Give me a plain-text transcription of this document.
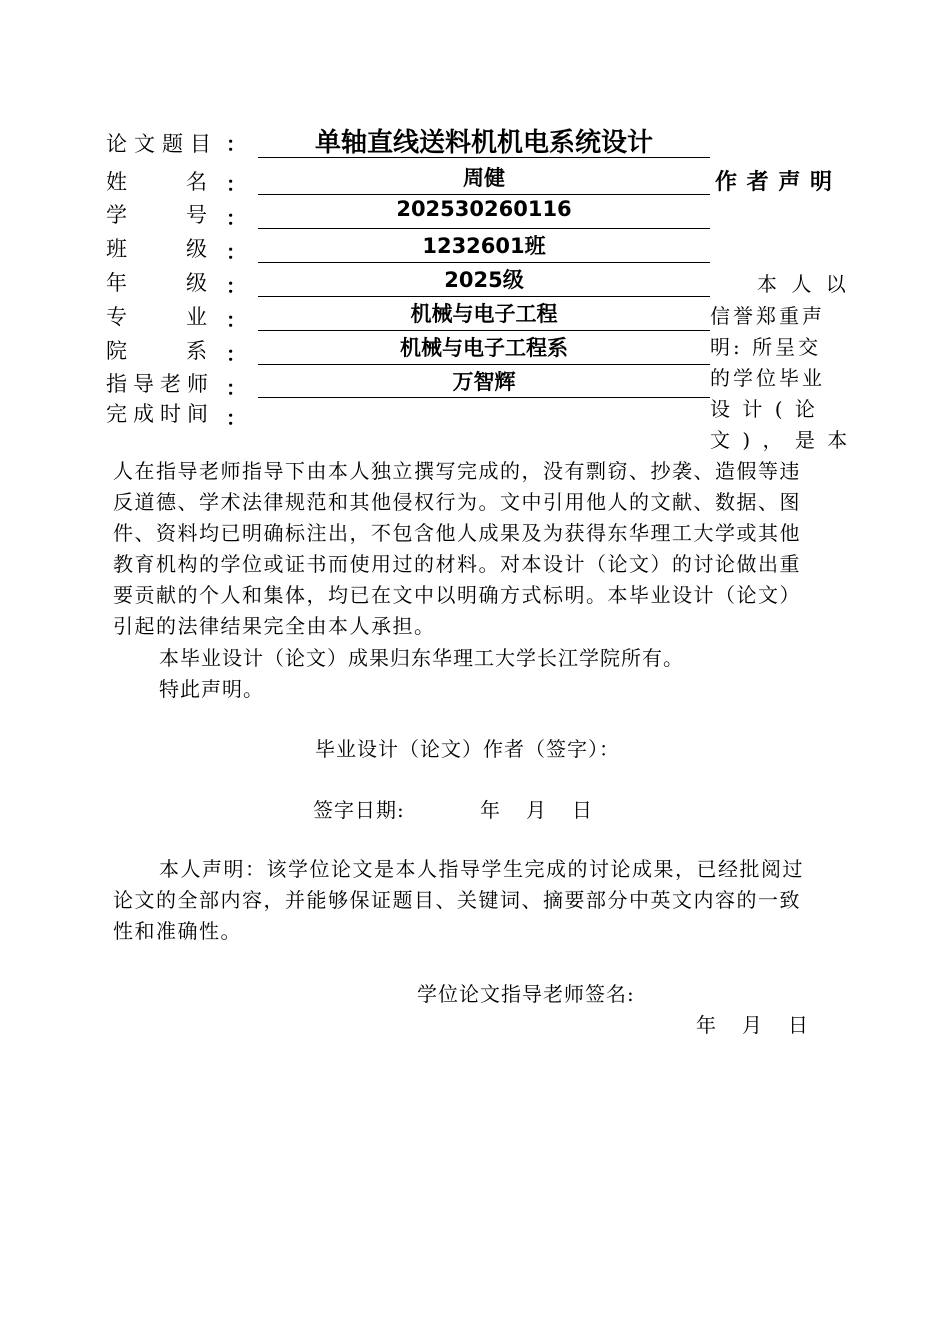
论 文 题 目 ：	单轴直线送料机机电系统设计
姓	名 ：	周健
学	号 ：	202530260116
班	级 ：	1232601班
年	级 ：	2025级
专	业 ：	机械与电子工程
院	系 ：	机械与电子工程系
指 导 老 师 ：	万智辉
完 成 时 间 ：
作 者 声 明
本 人 以
信誉郑重声
明: 所呈交
的学位毕业
设 计 ( 论
文 ) ， 是 本
人在指导老师指导下由本人独立撰写完成的，没有剽窃、抄袭、造假等违
反道德、学术法律规范和其他侵权行为。文中引用他人的文献、数据、图
件、资料均已明确标注出，不包含他人成果及为获得东华理工大学或其他
教育机构的学位或证书而使用过的材料。对本设计（论文）的讨论做出重
要贡献的个人和集体，均已在文中以明确方式标明。本毕业设计（论文）
引起的法律结果完全由本人承担。
本毕业设计（论文）成果归东华理工大学长江学院所有。
特此声明。
毕业设计（论文）作者（签字）：
签字日期:	年　月　日
本人声明：该学位论文是本人指导学生完成的讨论成果，已经批阅过
论文的全部内容，并能够保证题目、关键词、摘要部分中英文内容的一致
性和准确性。
学位论文指导老师签名:
年　月　日
